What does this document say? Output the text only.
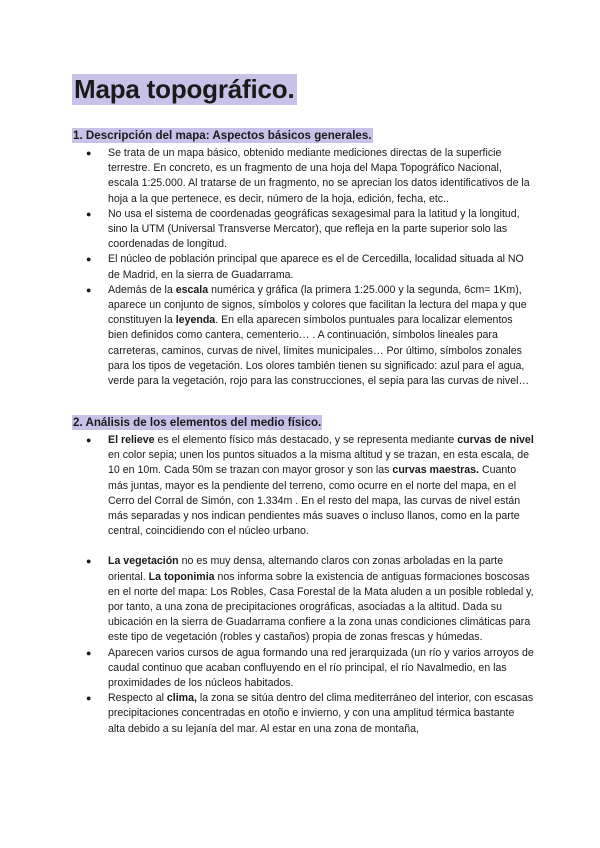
Mapa topográfico.
1. Descripción del mapa: Aspectos básicos generales.
● Se trata de un mapa básico, obtenido mediante mediciones directas de la superficie terrestre. En concreto, es un fragmento de una hoja del Mapa Topográfico Nacional, escala 1:25.000. Al tratarse de un fragmento, no se aprecian los datos identificativos de la hoja a la que pertenece, es decir, número de la hoja, edición, fecha, etc..
● No usa el sistema de coordenadas geográficas sexagesimal para la latitud y la longitud, sino la UTM (Universal Transverse Mercator), que refleja en la parte superior solo las coordenadas de longitud.
● El núcleo de población principal que aparece es el de Cercedilla, localidad situada al NO de Madrid, en la sierra de Guadarrama.
● Además de la escala numérica y gráfica (la primera 1:25.000 y la segunda, 6cm= 1Km), aparece un conjunto de signos, símbolos y colores que facilitan la lectura del mapa y que constituyen la leyenda. En ella aparecen símbolos puntuales para localizar elementos bien definidos como cantera, cementerio… . A continuación, símbolos lineales para carreteras, caminos, curvas de nivel, límites municipales… Por último, símbolos zonales para los tipos de vegetación. Los olores también tienen su significado: azul para el agua, verde para la vegetación, rojo para las construcciones, el sepia para las curvas de nivel…
2. Análisis de los elementos del medio físico.
● El relieve es el elemento físico más destacado, y se representa mediante curvas de nivel en color sepia; unen los puntos situados a la misma altitud y se trazan, en esta escala, de 10 en 10m. Cada 50m se trazan con mayor grosor y son las curvas maestras. Cuanto más juntas, mayor es la pendiente del terreno, como ocurre en el norte del mapa, en el Cerro del Corral de Simón, con 1.334m . En el resto del mapa, las curvas de nivel están más separadas y nos indican pendientes más suaves o incluso llanos, como en la parte central, coincidiendo con el núcleo urbano.
● La vegetación no es muy densa, alternando claros con zonas arboladas en la parte oriental. La toponimia nos informa sobre la existencia de antiguas formaciones boscosas en el norte del mapa: Los Robles, Casa Forestal de la Mata aluden a un posible robledal y, por tanto, a una zona de precipitaciones orográficas, asociadas a la altitud. Dada su ubicación en la sierra de Guadarrama confiere a la zona unas condiciones climáticas para este tipo de vegetación (robles y castaños) propia de zonas frescas y húmedas.
● Aparecen varios cursos de agua formando una red jerarquizada (un río y varios arroyos de caudal continuo que acaban confluyendo en el río principal, el río Navalmedio, en las proximidades de los núcleos habitados.
● Respecto al clima, la zona se sitúa dentro del clima mediterráneo del interior, con escasas precipitaciones concentradas en otoño e invierno, y con una amplitud térmica bastante alta debido a su lejanía del mar. Al estar en una zona de montaña,
